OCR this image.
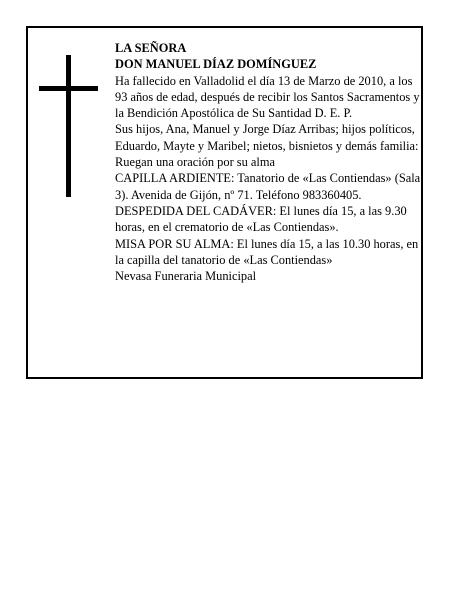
LA SEÑORA

DON MANUEL DÍAZ DOMÍNGUEZ

Ha fallecido en Valladolid el día 13 de Marzo de 2010, a los 93 años de edad, después de recibir los Santos Sacramentos y la Bendición Apostólica de Su Santidad D. E. P.

Sus hijos, Ana, Manuel y Jorge Díaz Arribas; hijos políticos, Eduardo, Mayte y Maribel; nietos, bisnietos y demás familia:

Ruegan una oración por su alma

CAPILLA ARDIENTE: Tanatorio de «Las Contiendas» (Sala 3). Avenida de Gijón, nº 71. Teléfono 983360405.

DESPEDIDA DEL CADÁVER: El lunes día 15, a las 9.30 horas, en el crematorio de «Las Contiendas».

MISA POR SU ALMA: El lunes día 15, a las 10.30 horas, en la capilla del tanatorio de «Las Contiendas»

Nevasa Funeraria Municipal
